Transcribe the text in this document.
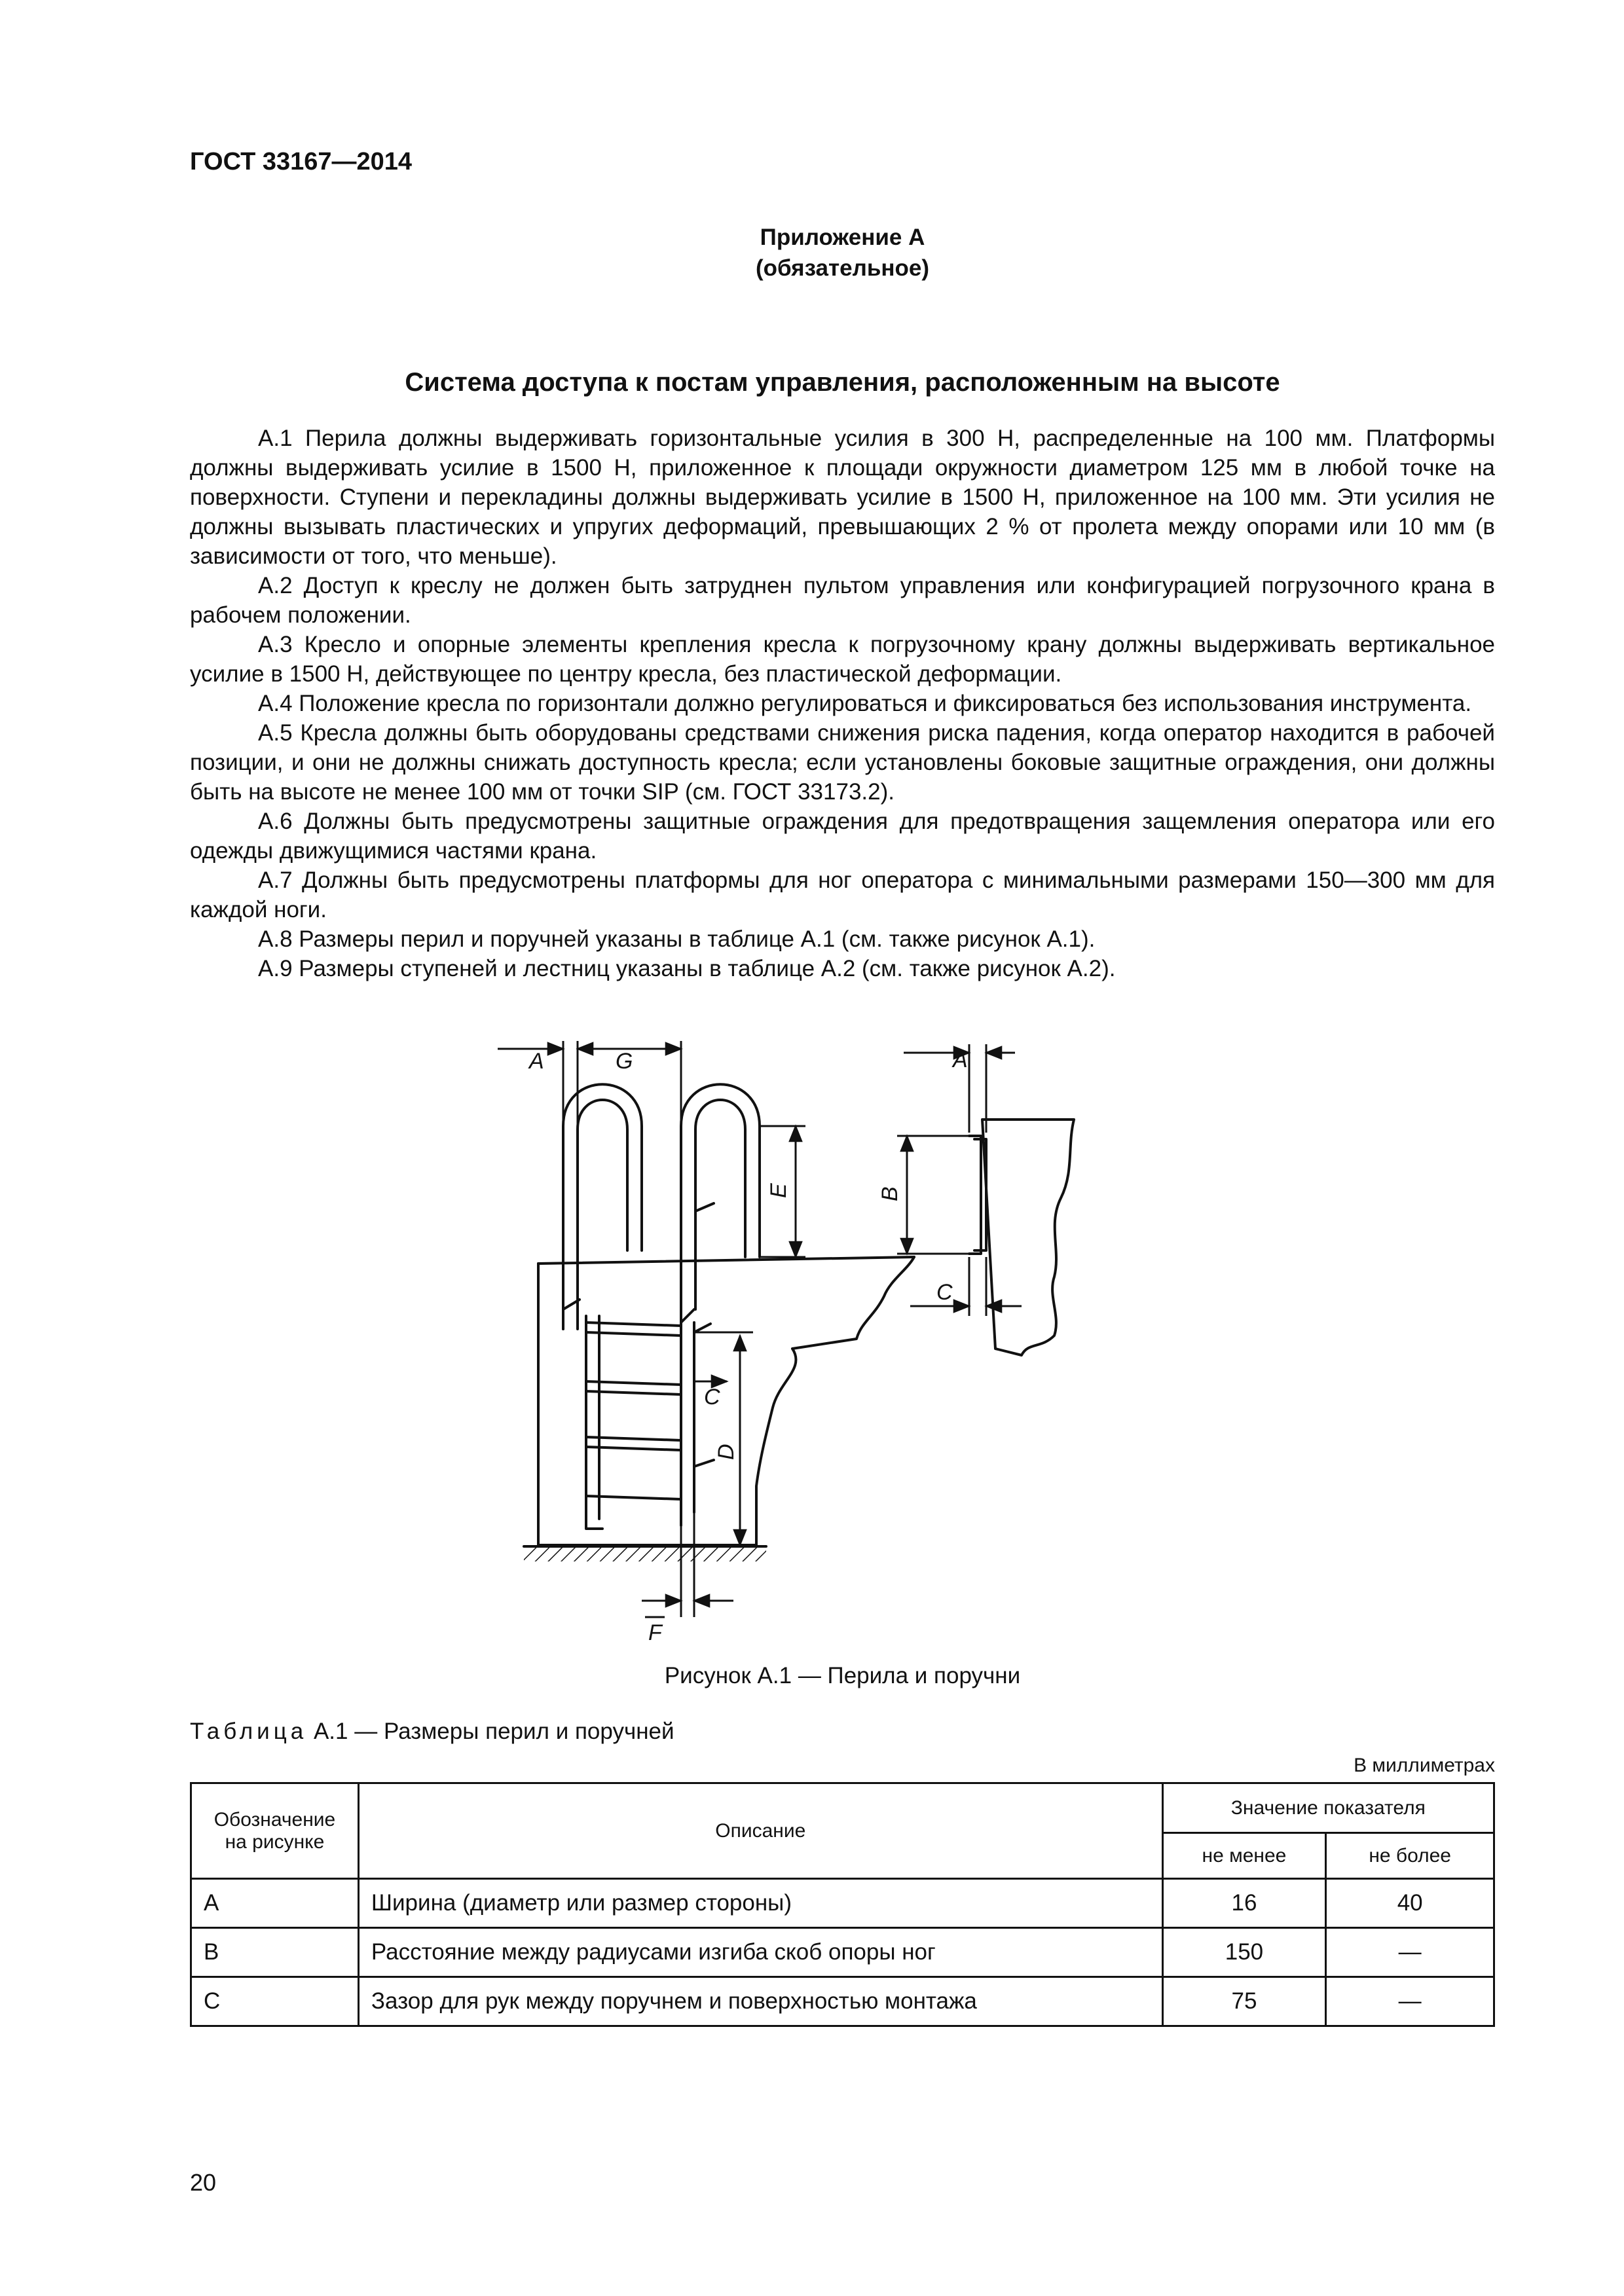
ГОСТ 33167—2014
Приложение А
(обязательное)
Система доступа к постам управления, расположенным на высоте

А.1 Перила должны выдерживать горизонтальные усилия в 300 Н, распределенные на 100 мм. Платформы должны выдерживать усилие в 1500 Н, приложенное к площади окружности диаметром 125 мм в любой точке на поверхности. Ступени и перекладины должны выдерживать усилие в 1500 Н, приложенное на 100 мм. Эти усилия не должны вызывать пластических и упругих деформаций, превышающих 2 % от пролета между опорами или 10 мм (в зависимости от того, что меньше).

А.2 Доступ к креслу не должен быть затруднен пультом управления или конфигурацией погрузочного крана в рабочем положении.

А.3 Кресло и опорные элементы крепления кресла к погрузочному крану должны выдерживать вертикальное усилие в 1500 Н, действующее по центру кресла, без пластической деформации.

А.4 Положение кресла по горизонтали должно регулироваться и фиксироваться без использования инструмента.

А.5 Кресла должны быть оборудованы средствами снижения риска падения, когда оператор находится в рабочей позиции, и они не должны снижать доступность кресла; если установлены боковые защитные ограждения, они должны быть на высоте не менее 100 мм от точки SIP (см. ГОСТ 33173.2).

А.6 Должны быть предусмотрены защитные ограждения для предотвращения защемления оператора или его одежды движущимися частями крана.

А.7 Должны быть предусмотрены платформы для ног оператора с минимальными размерами 150—300 мм для каждой ноги.

А.8 Размеры перил и поручней указаны в таблице А.1 (см. также рисунок А.1).

А.9 Размеры ступеней и лестниц указаны в таблице А.2 (см. также рисунок А.2).

A	G
E
C
D
F
A
B
C
Рисунок А.1 — Перила и поручни
Таблица А.1 — Размеры перил и поручней
В миллиметрах
Обозначение на рисунке	Описание	Значение показателя	
		не менее	не более
A	Ширина (диаметр или размер стороны)	16	40
B	Расстояние между радиусами изгиба скоб опоры ног	150	—
C	Зазор для рук между поручнем и поверхностью монтажа	75	—
20
